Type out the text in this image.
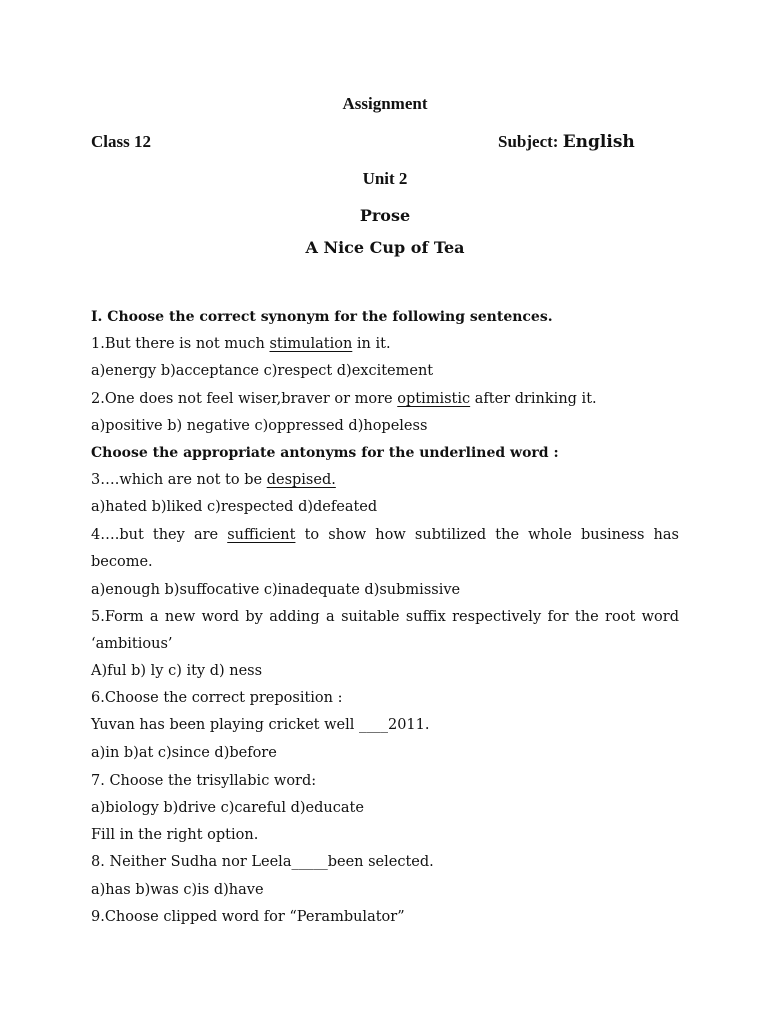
Assignment
Class 12	Subject: English
Unit 2
Prose
A Nice Cup of Tea
I. Choose the correct synonym for the following sentences.
1.But there is not much stimulation in it.
a)energy b)acceptance c)respect d)excitement
2.One does not feel wiser,braver or more optimistic after drinking it.
a)positive b) negative c)oppressed d)hopeless
Choose the appropriate antonyms for the underlined word :
3….which are not to be despised.
a)hated b)liked c)respected d)defeated
4….but they are sufficient to show how subtilized the whole business has
become.
a)enough b)suffocative c)inadequate d)submissive
5.Form a new word by adding a suitable suffix respectively for the root word
‘ambitious’
A)ful b) ly c) ity d) ness
6.Choose the correct preposition :
Yuvan has been playing cricket well ____2011.
a)in b)at c)since d)before
7. Choose the trisyllabic word:
a)biology b)drive c)careful d)educate
Fill in the right option.
8. Neither Sudha nor Leela_____been selected.
a)has b)was c)is d)have
9.Choose clipped word for “Perambulator”
